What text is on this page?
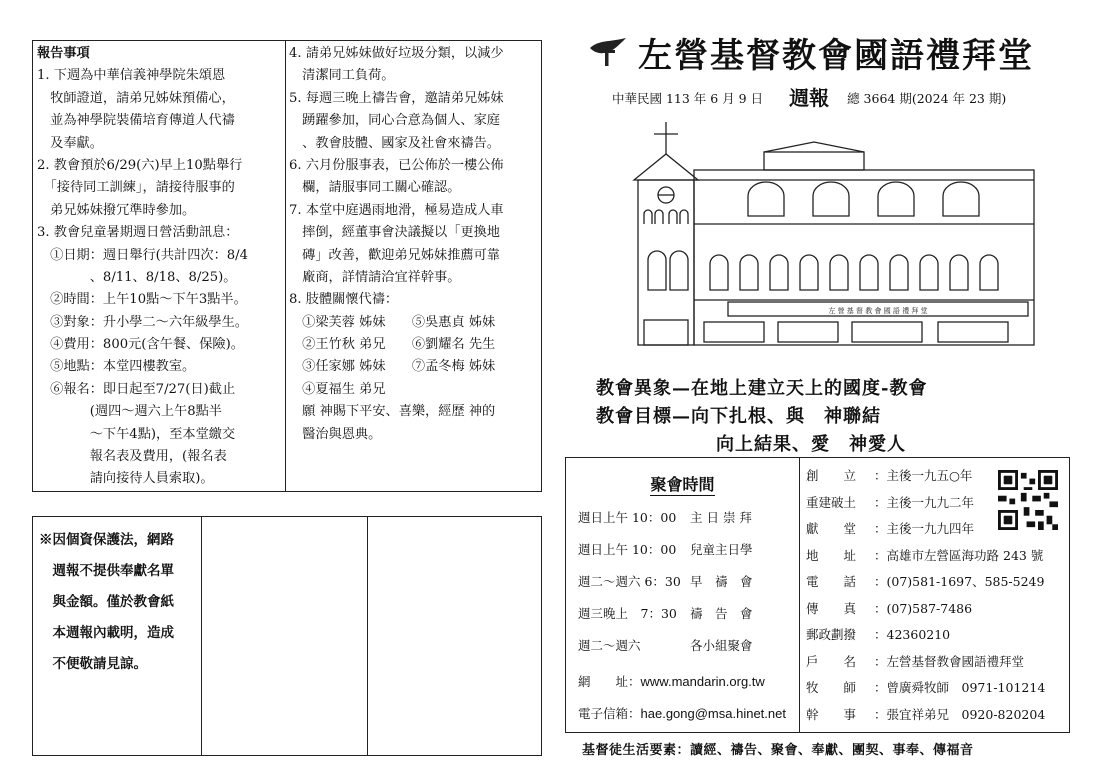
報告事項
1. 下週為中華信義神學院朱頌恩
　牧師證道，請弟兄姊妹預備心，
　並為神學院裝備培育傳道人代禱
　及奉獻。
2. 教會預於6/29(六)早上10點舉行
　「接待同工訓練」，請接待服事的
　弟兄姊妹撥冗準時參加。
3. 教會兒童暑期週日營活動訊息：
　①日期：週日舉行(共計四次：8/4
　　　　、8/11、8/18、8/25)。
　②時間：上午10點～下午3點半。
　③對象：升小學二～六年級學生。
　④費用：800元(含午餐、保險)。
　⑤地點：本堂四樓教室。
　⑥報名：即日起至7/27(日)截止
　　　　(週四～週六上午8點半
　　　　～下午4點)，至本堂繳交
　　　　報名表及費用，(報名表
　　　　請向接待人員索取)。
4. 請弟兄姊妹做好垃圾分類，以減少
　清潔同工負荷。
5. 每週三晚上禱告會，邀請弟兄姊妹
　踴躍參加，同心合意為個人、家庭
　、教會肢體、國家及社會來禱告。
6. 六月份服事表，已公佈於一樓公佈
　欄，請服事同工關心確認。
7. 本堂中庭遇雨地滑，極易造成人車
　摔倒，經董事會決議擬以「更換地
　磚」改善，歡迎弟兄姊妹推薦可靠
　廠商，詳情請洽宜祥幹事。
8. 肢體關懷代禱：
　①梁芙蓉 姊妹　　⑤吳惠貞 姊妹
　②王竹秋 弟兄　　⑥劉耀名 先生
　③任家娜 姊妹　　⑦孟冬梅 姊妹
　④夏福生 弟兄
　願 神賜下平安、喜樂，經歷 神的
　醫治與恩典。
※因個資保護法，網路
　週報不提供奉獻名單
　與金額。僅於教會紙
　本週報內載明，造成
　不便敬請見諒。
左營基督教會國語禮拜堂
中華民國 113 年 6 月 9 日 週報 總 3664 期(2024 年 23 期)
左 營 基 督 教 會 國 語 禮 拜 堂
教會異象—在地上建立天上的國度-教會
教會目標—向下扎根、與　神聯結
向上結果、愛　神愛人
聚會時間
週日上午 10：00 主 日 崇 拜
週日上午 10：00 兒童主日學
週二～週六 6：30 早　禱　會
週三晚上　7：30 禱　告　會
週二～週六	各小組聚會
網　　址：www.mandarin.org.tw
電子信箱：hae.gong@msa.hinet.net
創　　立 ：主後一九五○年
重建破土 ：主後一九九二年
獻　　堂 ：主後一九九四年
地　　址 ：高雄市左營區海功路 243 號
電　　話 ：(07)581-1697、585-5249
傳　　真 ：(07)587-7486
郵政劃撥 ：42360210
戶　　名 ：左營基督教會國語禮拜堂
牧　　師 ：曾廣舜牧師　0971-101214
幹　　事 ：張宜祥弟兄　0920-820204
基督徒生活要素：讀經、禱告、聚會、奉獻、團契、事奉、傳福音
